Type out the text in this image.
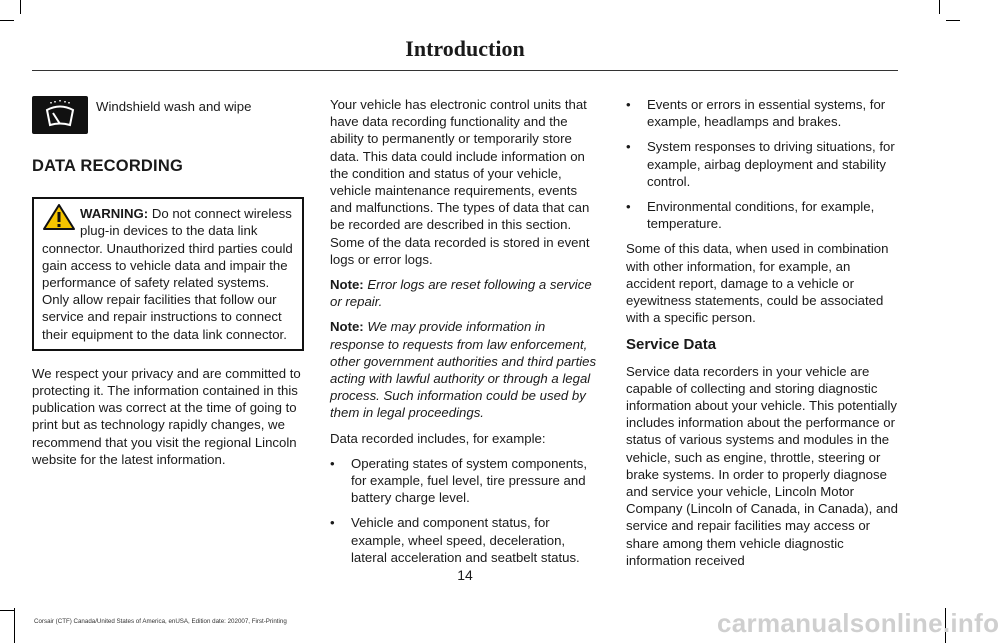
Introduction
Windshield wash and wipe
DATA RECORDING
WARNING: Do not connect wireless plug-in devices to the data link connector. Unauthorized third parties could gain access to vehicle data and impair the performance of safety related systems. Only allow repair facilities that follow our service and repair instructions to connect their equipment to the data link connector.

We respect your privacy and are committed to protecting it. The information contained in this publication was correct at the time of going to print but as technology rapidly changes, we recommend that you visit the regional Lincoln website for the latest information.

Your vehicle has electronic control units that have data recording functionality and the ability to permanently or temporarily store data. This data could include information on the condition and status of your vehicle, vehicle maintenance requirements, events and malfunctions. The types of data that can be recorded are described in this section. Some of the data recorded is stored in event logs or error logs.

Note: Error logs are reset following a service or repair.

Note: We may provide information in response to requests from law enforcement, other government authorities and third parties acting with lawful authority or through a legal process. Such information could be used by them in legal proceedings.

Data recorded includes, for example:

• Operating states of system components, for example, fuel level, tire pressure and battery charge level.
• Vehicle and component status, for example, wheel speed, deceleration, lateral acceleration and seatbelt status.
• Events or errors in essential systems, for example, headlamps and brakes.
• System responses to driving situations, for example, airbag deployment and stability control.
• Environmental conditions, for example, temperature.

Some of this data, when used in combination with other information, for example, an accident report, damage to a vehicle or eyewitness statements, could be associated with a specific person.

Service Data

Service data recorders in your vehicle are capable of collecting and storing diagnostic information about your vehicle. This potentially includes information about the performance or status of various systems and modules in the vehicle, such as engine, throttle, steering or brake systems. In order to properly diagnose and service your vehicle, Lincoln Motor Company (Lincoln of Canada, in Canada), and service and repair facilities may access or share among them vehicle diagnostic information received

14
Corsair (CTF) Canada/United States of America, enUSA, Edition date: 202007, First-Printing	carmanualsonline.info
